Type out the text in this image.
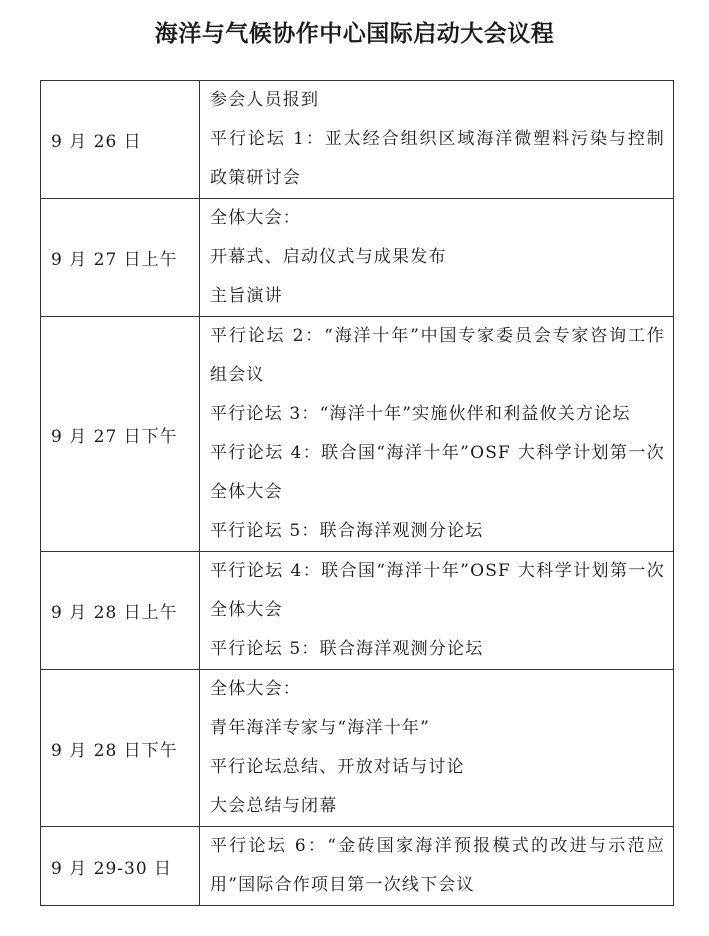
海洋与气候协作中心国际启动大会议程
9 月 26 日	参会人员报到
平行论坛 1：亚太经合组织区域海洋微塑料污染与控制政策研讨会

9 月 27 日上午	全体大会：
开幕式、启动仪式与成果发布
主旨演讲

9 月 27 日下午	平行论坛 2：“海洋十年”中国专家委员会专家咨询工作组会议
平行论坛 3：“海洋十年”实施伙伴和利益攸关方论坛
平行论坛 4：联合国“海洋十年”OSF 大科学计划第一次全体大会
平行论坛 5：联合海洋观测分论坛

9 月 28 日上午	平行论坛 4：联合国“海洋十年”OSF 大科学计划第一次全体大会
平行论坛 5：联合海洋观测分论坛

9 月 28 日下午	全体大会：
青年海洋专家与“海洋十年”
平行论坛总结、开放对话与讨论
大会总结与闭幕

9 月 29-30 日	平行论坛 6：“金砖国家海洋预报模式的改进与示范应用”国际合作项目第一次线下会议
